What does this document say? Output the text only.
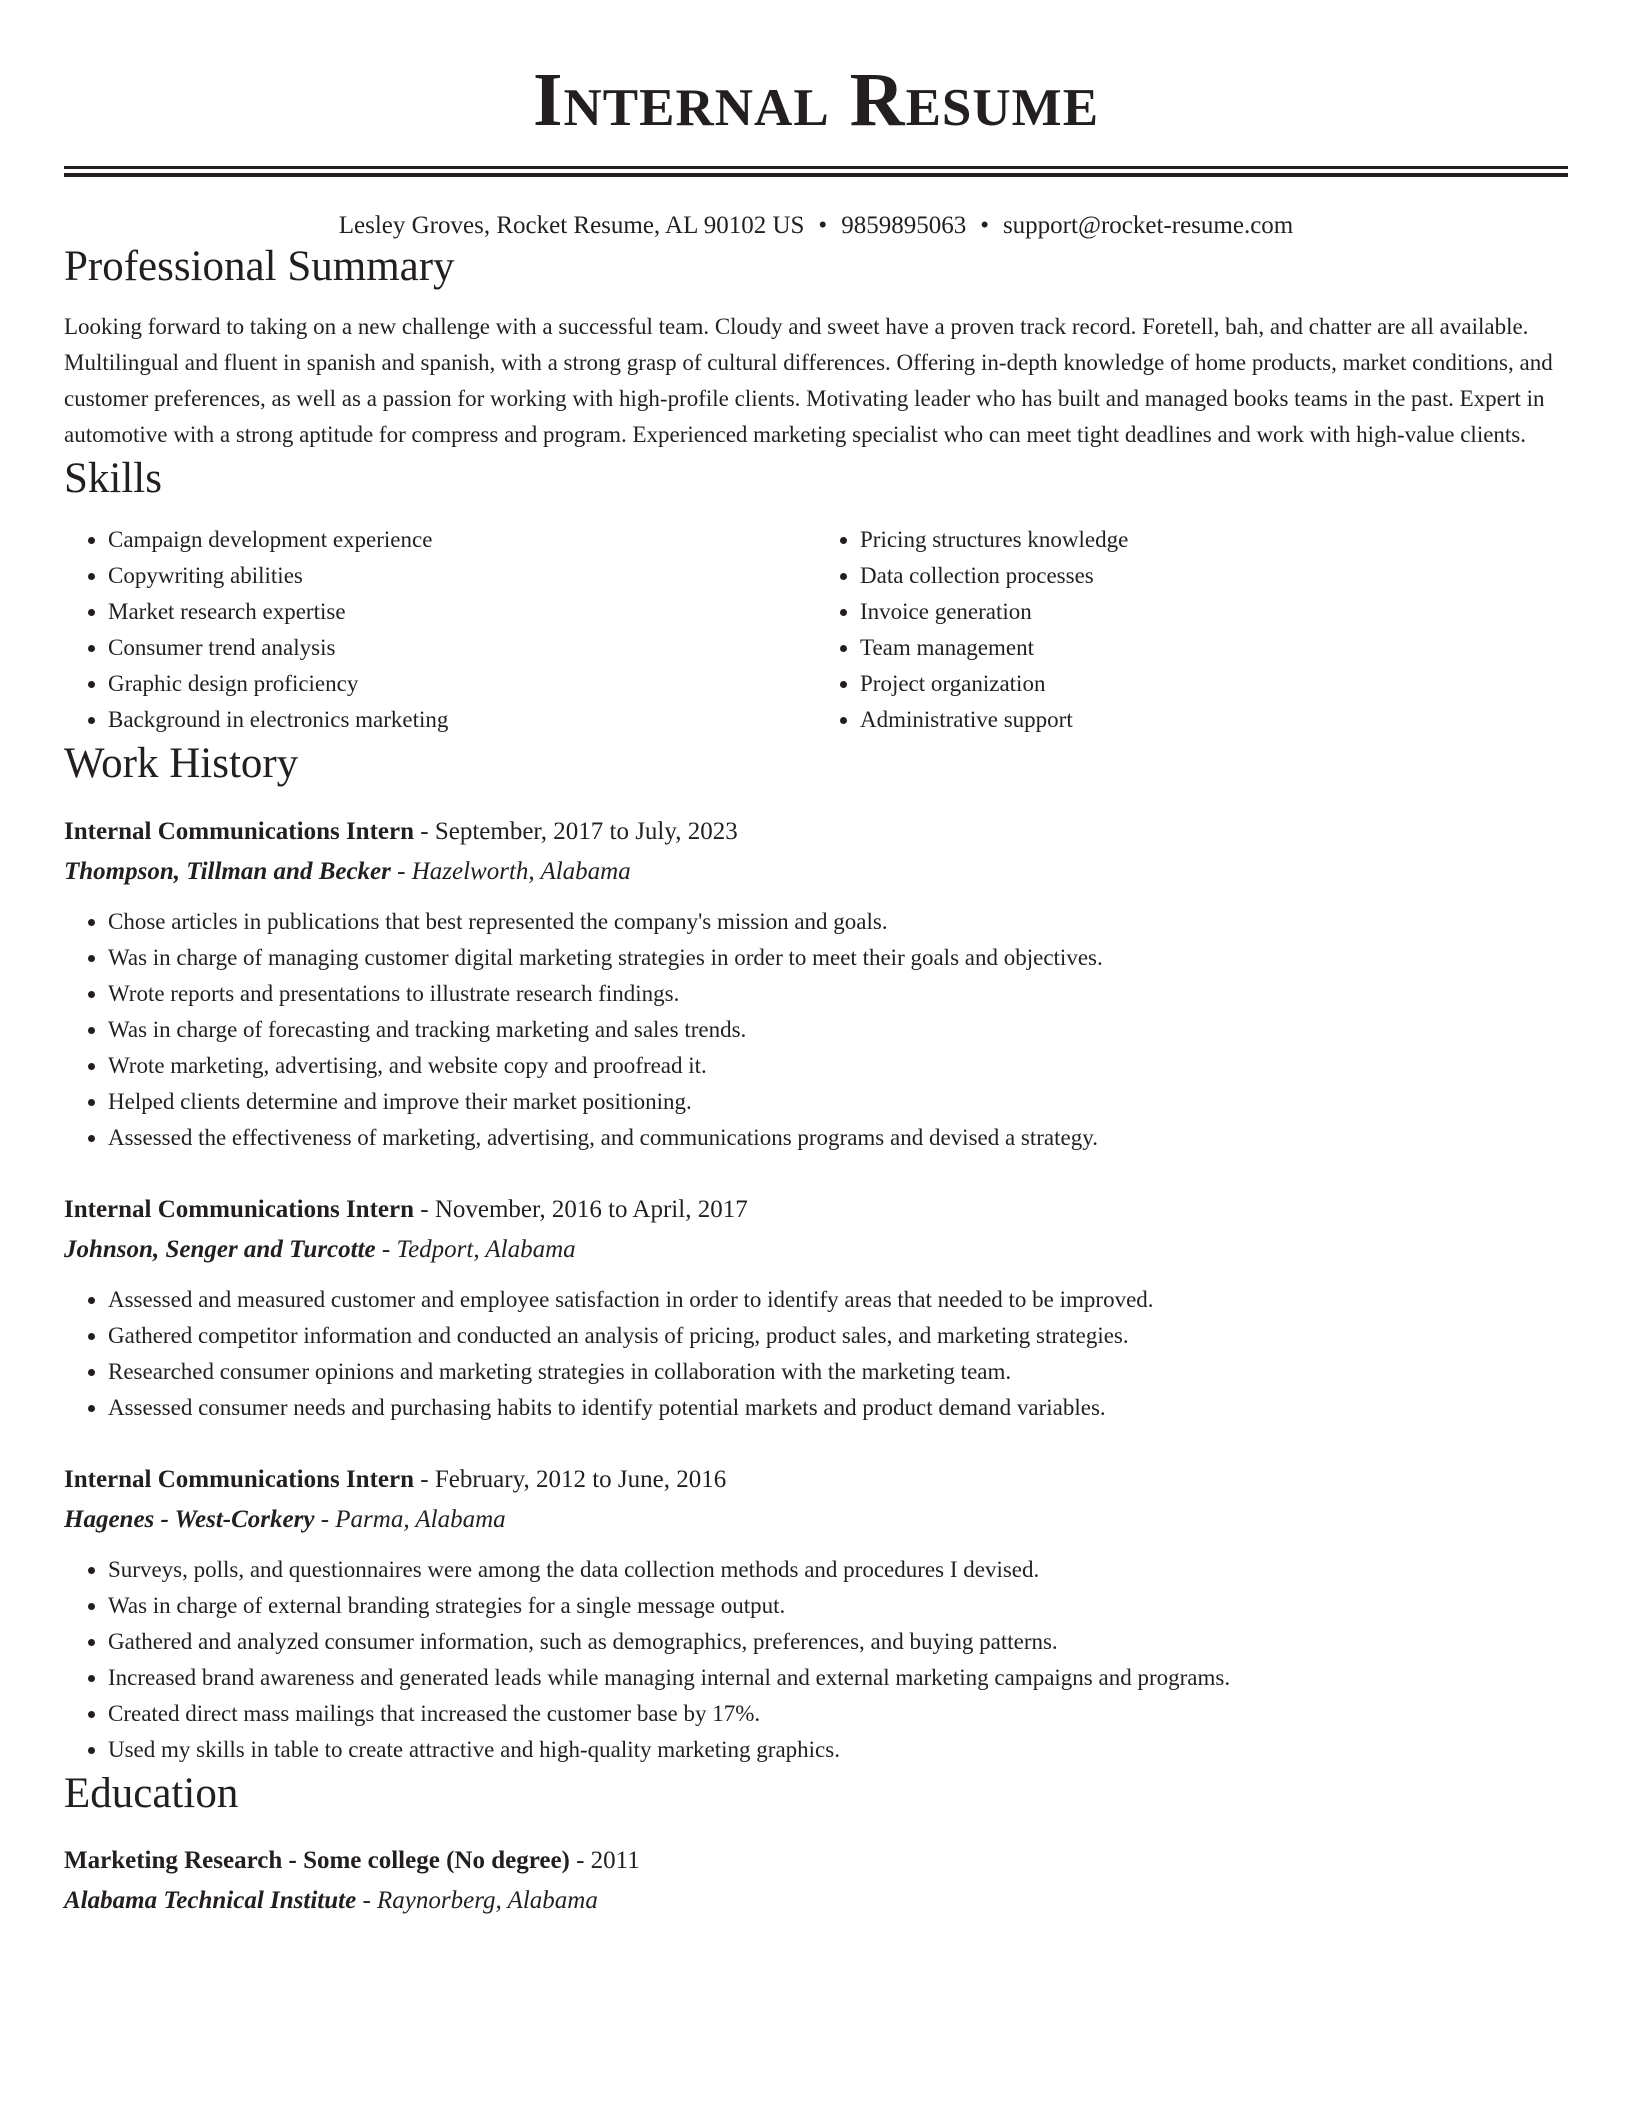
Internal Resume
Lesley Groves, Rocket Resume, AL 90102 US • 9859895063 • support@rocket-resume.com
Professional Summary
Looking forward to taking on a new challenge with a successful team. Cloudy and sweet have a proven track record. Foretell, bah, and chatter are all available. Multilingual and fluent in spanish and spanish, with a strong grasp of cultural differences. Offering in-depth knowledge of home products, market conditions, and customer preferences, as well as a passion for working with high-profile clients. Motivating leader who has built and managed books teams in the past. Expert in automotive with a strong aptitude for compress and program. Experienced marketing specialist who can meet tight deadlines and work with high-value clients.
Skills
• Campaign development experience
• Copywriting abilities
• Market research expertise
• Consumer trend analysis
• Graphic design proficiency
• Background in electronics marketing
• Pricing structures knowledge
• Data collection processes
• Invoice generation
• Team management
• Project organization
• Administrative support
Work History
Internal Communications Intern - September, 2017 to July, 2023
Thompson, Tillman and Becker - Hazelworth, Alabama
• Chose articles in publications that best represented the company's mission and goals.
• Was in charge of managing customer digital marketing strategies in order to meet their goals and objectives.
• Wrote reports and presentations to illustrate research findings.
• Was in charge of forecasting and tracking marketing and sales trends.
• Wrote marketing, advertising, and website copy and proofread it.
• Helped clients determine and improve their market positioning.
• Assessed the effectiveness of marketing, advertising, and communications programs and devised a strategy.
Internal Communications Intern - November, 2016 to April, 2017
Johnson, Senger and Turcotte - Tedport, Alabama
• Assessed and measured customer and employee satisfaction in order to identify areas that needed to be improved.
• Gathered competitor information and conducted an analysis of pricing, product sales, and marketing strategies.
• Researched consumer opinions and marketing strategies in collaboration with the marketing team.
• Assessed consumer needs and purchasing habits to identify potential markets and product demand variables.
Internal Communications Intern - February, 2012 to June, 2016
Hagenes - West-Corkery - Parma, Alabama
• Surveys, polls, and questionnaires were among the data collection methods and procedures I devised.
• Was in charge of external branding strategies for a single message output.
• Gathered and analyzed consumer information, such as demographics, preferences, and buying patterns.
• Increased brand awareness and generated leads while managing internal and external marketing campaigns and programs.
• Created direct mass mailings that increased the customer base by 17%.
• Used my skills in table to create attractive and high-quality marketing graphics.
Education
Marketing Research - Some college (No degree) - 2011
Alabama Technical Institute - Raynorberg, Alabama
